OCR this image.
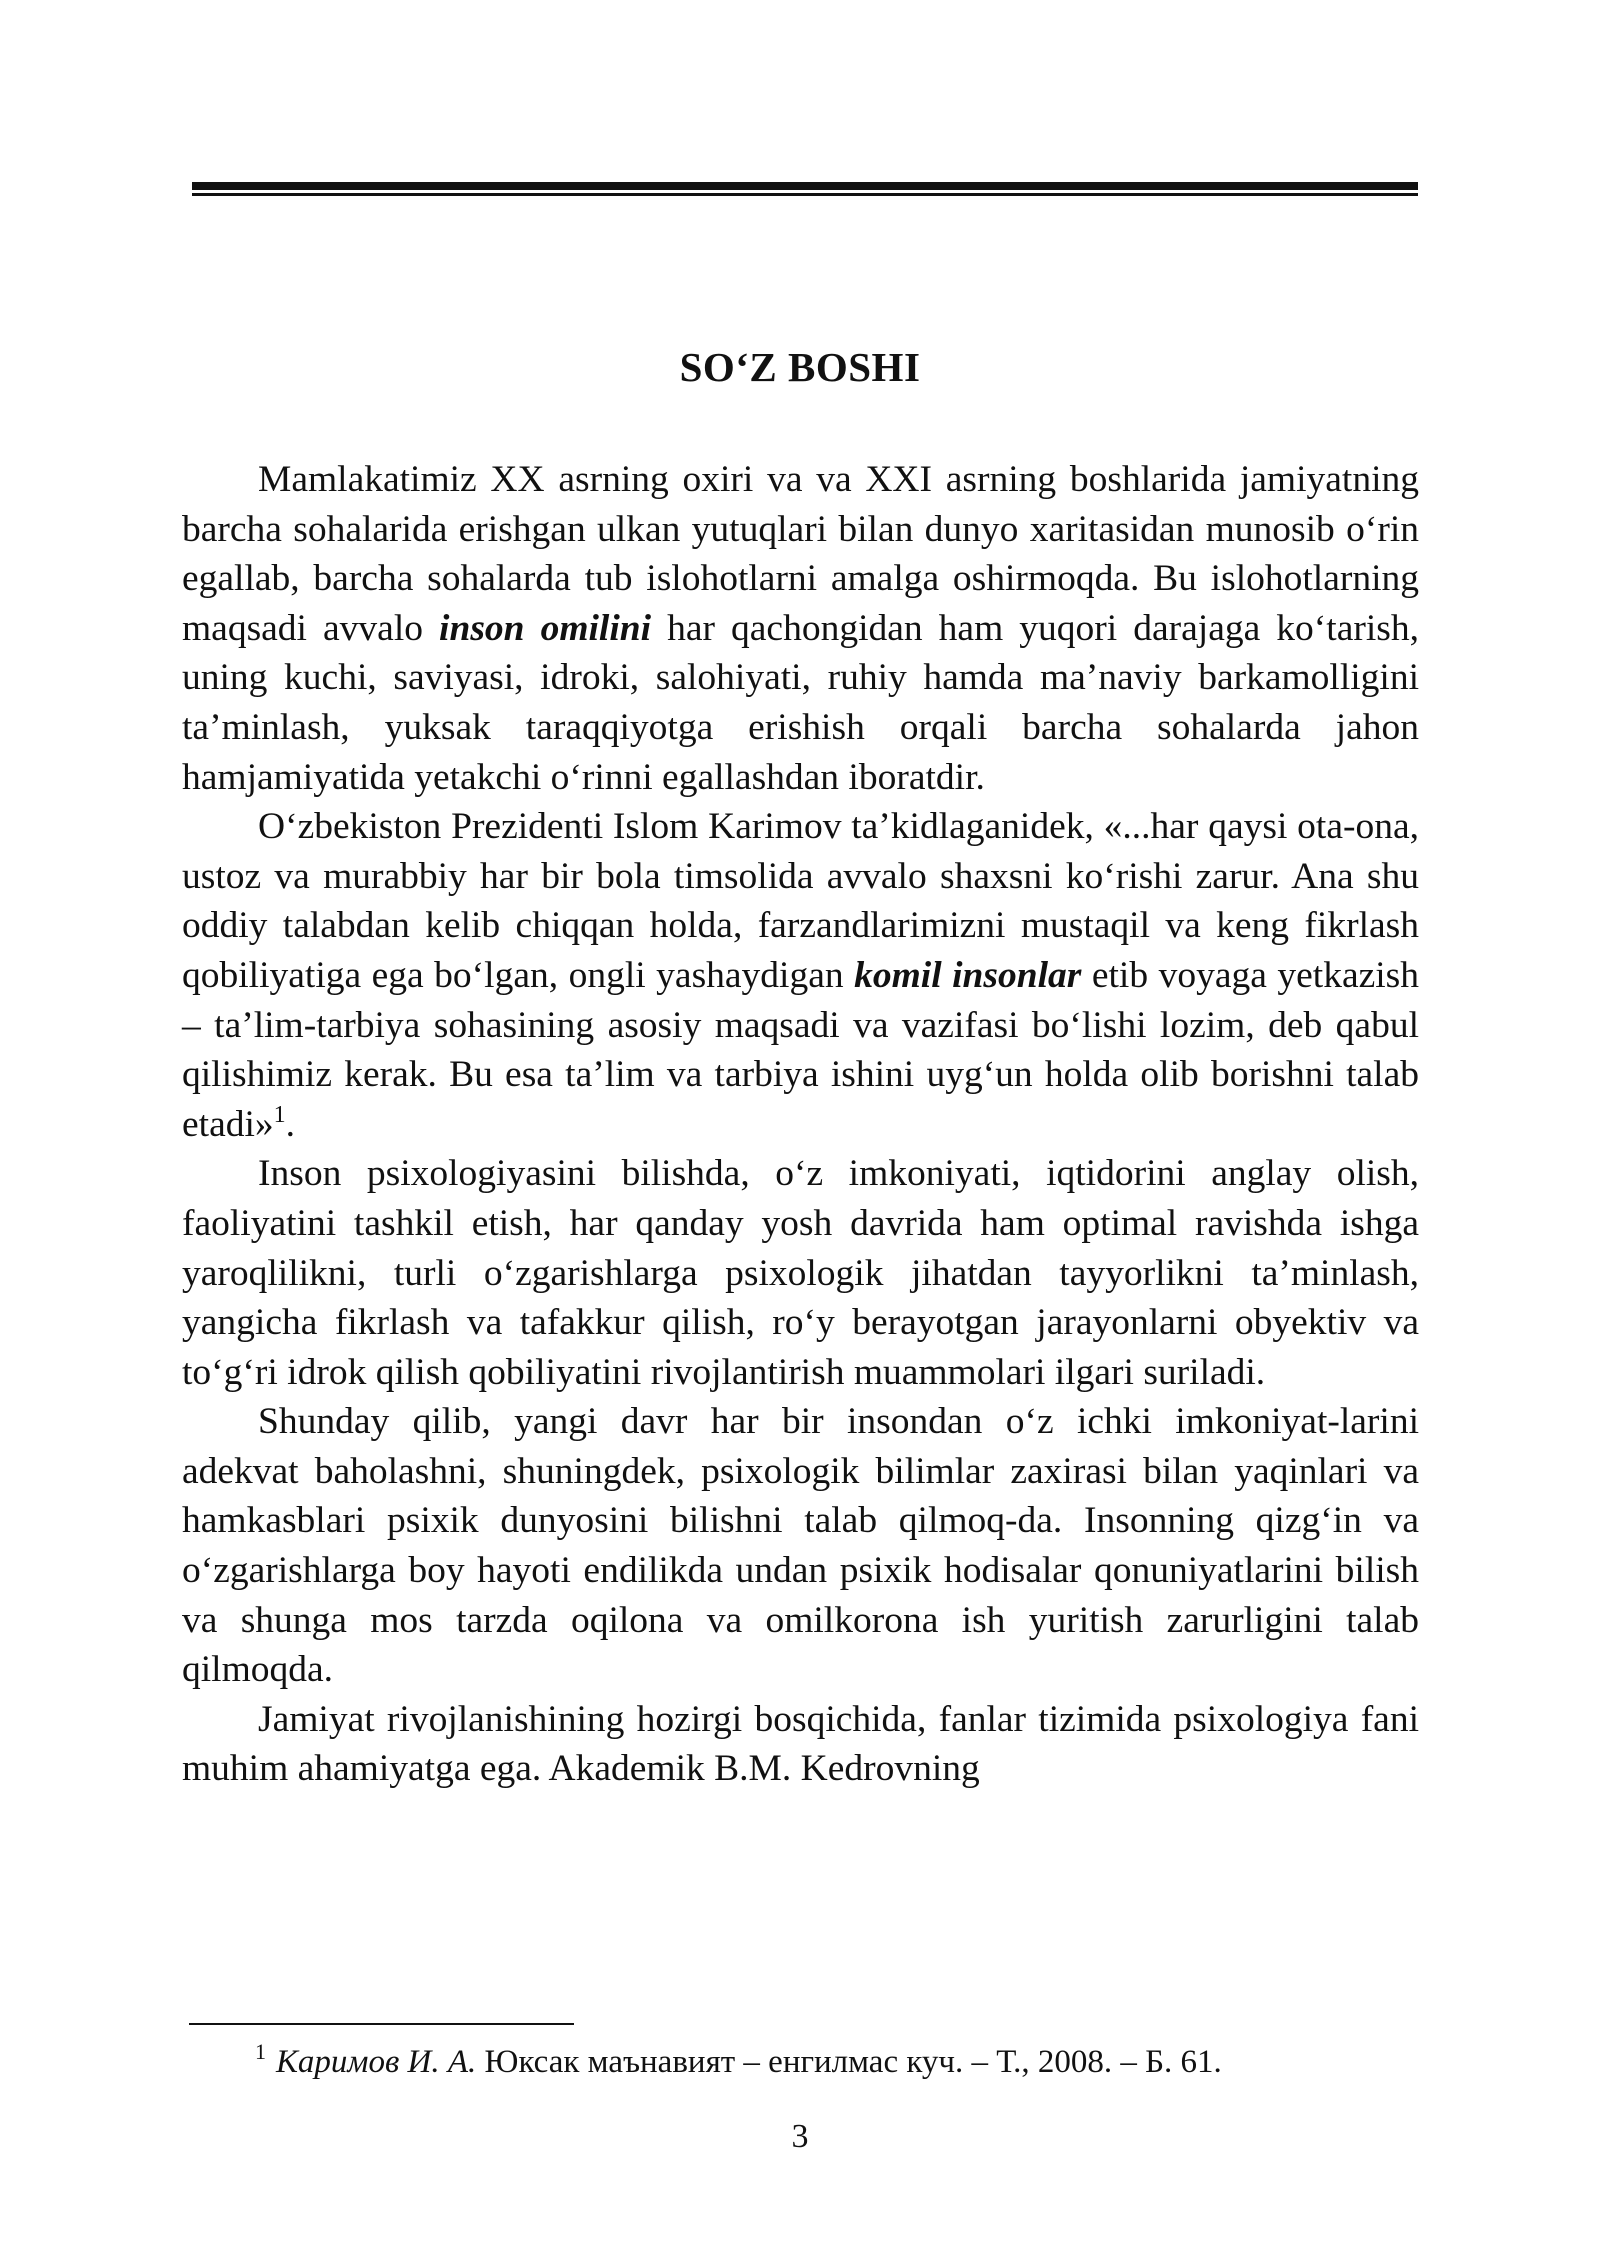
SO‘Z BOSHI

Mamlakatimiz XX asrning oxiri va va XXI asrning boshlarida jamiyatning barcha sohalarida erishgan ulkan yutuqlari bilan dunyo xaritasidan munosib o‘rin egallab, barcha sohalarda tub islohotlarni amalga oshirmoqda. Bu islohotlarning maqsadi avvalo inson omilini har qachongidan ham yuqori darajaga ko‘tarish, uning kuchi, saviyasi, idroki, salohiyati, ruhiy hamda ma’naviy barkamolligini ta’minlash, yuksak taraqqiyotga erishish orqali barcha sohalarda jahon hamjamiyatida yetakchi o‘rinni egallashdan iboratdir.

O‘zbekiston Prezidenti Islom Karimov ta’kidlaganidek, «...har qaysi ota-ona, ustoz va murabbiy har bir bola timsolida avvalo shaxsni ko‘rishi zarur. Ana shu oddiy talabdan kelib chiqqan holda, farzandlarimizni mustaqil va keng fikrlash qobiliyatiga ega bo‘lgan, ongli yashaydigan komil insonlar etib voyaga yetkazish – ta’lim-tarbiya sohasining asosiy maqsadi va vazifasi bo‘lishi lozim, deb qabul qilishimiz kerak. Bu esa ta’lim va tarbiya ishini uyg‘un holda olib borishni talab etadi»$^1$.

Inson psixologiyasini bilishda, o‘z imkoniyati, iqtidorini anglay olish, faoliyatini tashkil etish, har qanday yosh davrida ham optimal ravishda ishga yaroqlilikni, turli o‘zgarishlarga psixologik jihatdan tayyorlikni ta’minlash, yangicha fikrlash va tafakkur qilish, ro‘y berayotgan jarayonlarni obyektiv va to‘g‘ri idrok qilish qobiliyatini rivojlantirish muammolari ilgari suriladi.

Shunday qilib, yangi davr har bir insondan o‘z ichki imkoniyat-larini adekvat baholashni, shuningdek, psixologik bilimlar zaxirasi bilan yaqinlari va hamkasblari psixik dunyosini bilishni talab qilmoq-da. Insonning qizg‘in va o‘zgarishlarga boy hayoti endilikda undan psixik hodisalar qonuniyatlarini bilish va shunga mos tarzda oqilona va omilkorona ish yuritish zarurligini talab qilmoqda.

Jamiyat rivojlanishining hozirgi bosqichida, fanlar tizimida psixologiya fani muhim ahamiyatga ega. Akademik B.M. Kedrovning

$^1$ Каримов И. А. Юксак маънавият – енгилмас куч. – Т., 2008. – Б. 61.
3
